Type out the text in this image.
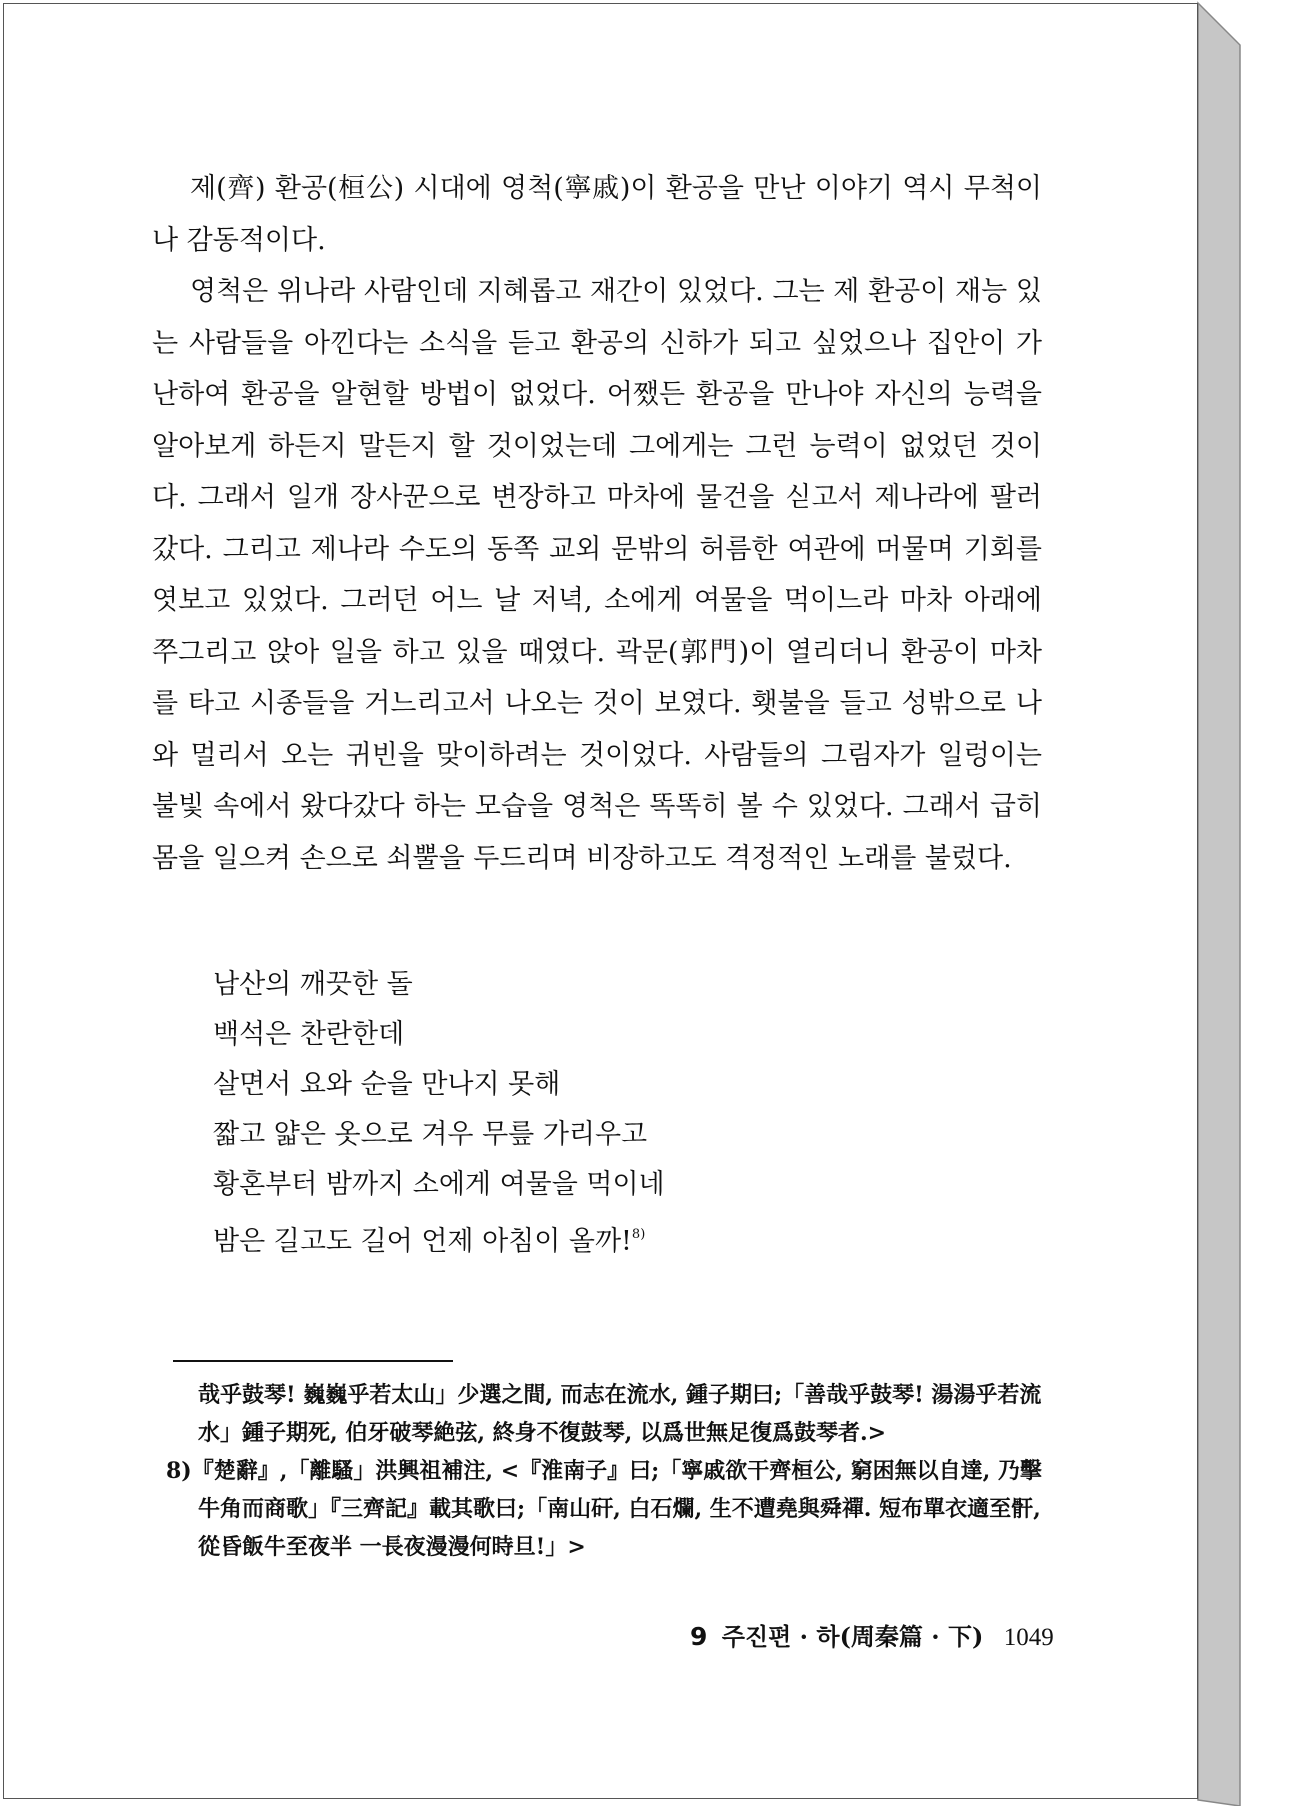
제(齊) 환공(桓公) 시대에 영척(寧戚)이 환공을 만난 이야기 역시 무척이나 감동적이다.

영척은 위나라 사람인데 지혜롭고 재간이 있었다. 그는 제 환공이 재능 있는 사람들을 아낀다는 소식을 듣고 환공의 신하가 되고 싶었으나 집안이 가난하여 환공을 알현할 방법이 없었다. 어쨌든 환공을 만나야 자신의 능력을 알아보게 하든지 말든지 할 것이었는데 그에게는 그런 능력이 없었던 것이다. 그래서 일개 장사꾼으로 변장하고 마차에 물건을 싣고서 제나라에 팔러 갔다. 그리고 제나라 수도의 동쪽 교외 문밖의 허름한 여관에 머물며 기회를 엿보고 있었다. 그러던 어느 날 저녁, 소에게 여물을 먹이느라 마차 아래에 쭈그리고 앉아 일을 하고 있을 때였다. 곽문(郭門)이 열리더니 환공이 마차를 타고 시종들을 거느리고서 나오는 것이 보였다. 횃불을 들고 성밖으로 나와 멀리서 오는 귀빈을 맞이하려는 것이었다. 사람들의 그림자가 일렁이는 불빛 속에서 왔다갔다 하는 모습을 영척은 똑똑히 볼 수 있었다. 그래서 급히 몸을 일으켜 손으로 쇠뿔을 두드리며 비장하고도 격정적인 노래를 불렀다.

남산의 깨끗한 돌
백석은 찬란한데
살면서 요와 순을 만나지 못해
짧고 얇은 옷으로 겨우 무릎 가리우고
황혼부터 밤까지 소에게 여물을 먹이네
밤은 길고도 길어 언제 아침이 올까!$^{8)}$
哉乎鼓琴! 巍巍乎若太山」少選之間, 而志在流水, 鍾子期曰;「善哉乎鼓琴! 湯湯乎若流水」鍾子期死, 伯牙破琴絶弦, 終身不復鼓琴, 以爲世無足復爲鼓琴者.>
8)『楚辭』,「離騷」洪興祖補注, <『淮南子』曰;「寧戚欲干齊桓公, 窮困無以自達, 乃擊牛角而商歌」『三齊記』載其歌曰;「南山矸, 白石爛, 生不遭堯與舜禪. 短布單衣適至骭, 從昏飯牛至夜半 一長夜漫漫何時旦!」>
9 주진편 · 하(周秦篇 · 下) 1049
